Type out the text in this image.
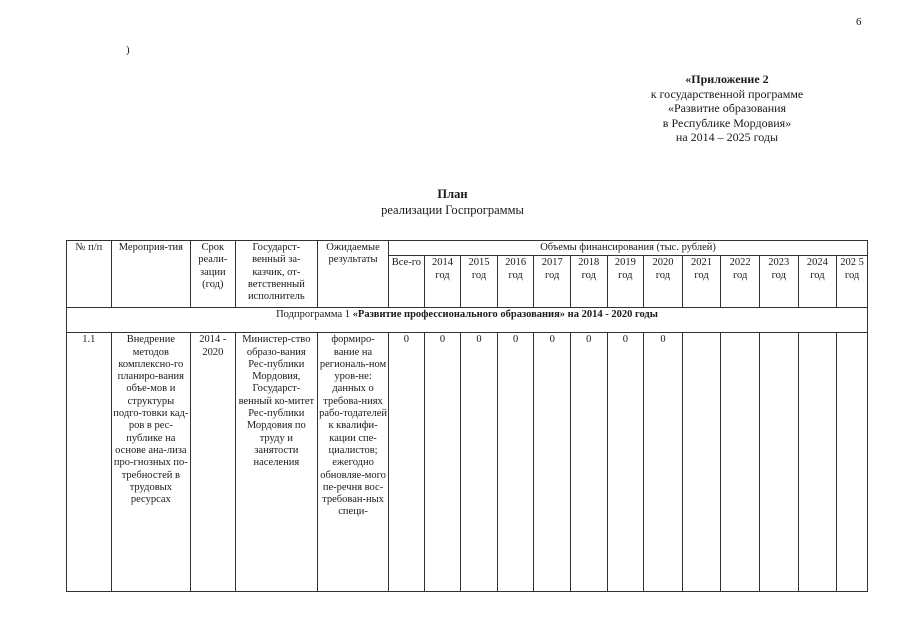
6
)
«Приложение 2
к государственной программе
«Развитие образования
в Республике Мордовия»
на 2014 – 2025 годы
План
реализации Госпрограммы
№ п/п	Мероприя-тия	Срок реали-зации (год)	Государст-венный за-казчик, от-ветственный исполнитель	Ожидаемые результаты	Объемы финансирования (тыс. рублей)												
					Все-го	2014 год	2015 год	2016 год	2017 год	2018 год	2019 год	2020 год	2021 год	2022 год	2023 год	2024 год	202 5 год
Подпрограмма 1 «Развитие профессионального образования» на 2014 - 2020 годы																	
1.1	Внедрение методов комплексно-го планиро-вания объе-мов и структуры подго-товки кад-ров в рес-публике на основе ана-лиза про-гнозных по-требностей в трудовых ресурсах	2014 - 2020	Министер-ство образо-вания Рес-публики Мордовия, Государст-венный ко-митет Рес-публики Мордовия по труду и занятости населения	формиро-вание на региональ-ном уров-не: данных о требова-ниях рабо-тодателей к квалифи-кации спе-циалистов; ежегодно обновляе-мого пе-речня вос-требован-ных специ-	0	0	0	0	0	0	0	0					
